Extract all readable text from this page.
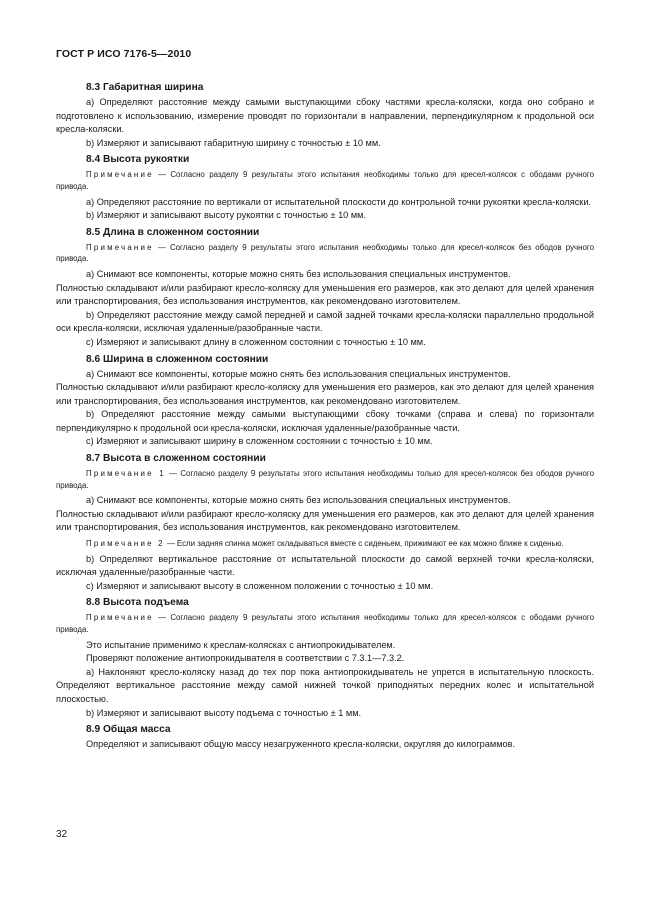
ГОСТ Р ИСО 7176-5—2010
8.3 Габаритная ширина
а) Определяют расстояние между самыми выступающими сбоку частями кресла-коляски, когда оно собрано и подготовлено к использованию, измерение проводят по горизонтали в направлении, перпендикулярном к продольной оси кресла-коляски.
b) Измеряют и записывают габаритную ширину с точностью ± 10 мм.
8.4 Высота рукоятки
Примечание — Согласно разделу 9 результаты этого испытания необходимы только для кресел-колясок с ободами ручного привода.
а) Определяют расстояние по вертикали от испытательной плоскости до контрольной точки рукоятки кресла-коляски.
b) Измеряют и записывают высоту рукоятки с точностью ± 10 мм.
8.5 Длина в сложенном состоянии
Примечание — Согласно разделу 9 результаты этого испытания необходимы только для кресел-колясок без ободов ручного привода.
а) Снимают все компоненты, которые можно снять без использования специальных инструментов.
Полностью складывают и/или разбирают кресло-коляску для уменьшения его размеров, как это делают для целей хранения или транспортирования, без использования инструментов, как рекомендовано изготовителем.
b) Определяют расстояние между самой передней и самой задней точками кресла-коляски параллельно продольной оси кресла-коляски, исключая удаленные/разобранные части.
с) Измеряют и записывают длину в сложенном состоянии с точностью ± 10 мм.
8.6 Ширина в сложенном состоянии
а) Снимают все компоненты, которые можно снять без использования специальных инструментов.
Полностью складывают и/или разбирают кресло-коляску для уменьшения его размеров, как это делают для целей хранения или транспортирования, без использования инструментов, как рекомендовано изготовителем.
b) Определяют расстояние между самыми выступающими сбоку точками (справа и слева) по горизонтали перпендикулярно к продольной оси кресла-коляски, исключая удаленные/разобранные части.
с) Измеряют и записывают ширину в сложенном состоянии с точностью ± 10 мм.
8.7 Высота в сложенном состоянии
Примечание 1 — Согласно разделу 9 результаты этого испытания необходимы только для кресел-колясок без ободов ручного привода.
а) Снимают все компоненты, которые можно снять без использования специальных инструментов.
Полностью складывают и/или разбирают кресло-коляску для уменьшения его размеров, как это делают для целей хранения или транспортирования, без использования инструментов, как рекомендовано изготовителем.
Примечание 2 — Если задняя спинка может складываться вместе с сиденьем, прижимают ее как можно ближе к сиденью.
b) Определяют вертикальное расстояние от испытательной плоскости до самой верхней точки кресла-коляски, исключая удаленные/разобранные части.
с) Измеряют и записывают высоту в сложенном положении с точностью ± 10 мм.
8.8 Высота подъема
Примечание — Согласно разделу 9 результаты этого испытания необходимы только для кресел-колясок с ободами ручного привода.
Это испытание применимо к креслам-колясках с антиопрокидывателем.
Проверяют положение антиопрокидывателя в соответствии с 7.3.1—7.3.2.
а) Наклоняют кресло-коляску назад до тех пор пока антиопрокидыватель не упрется в испытательную плоскость. Определяют вертикальное расстояние между самой нижней точкой приподнятых передних колес и испытательной плоскостью.
b) Измеряют и записывают высоту подъема с точностью ± 1 мм.
8.9 Общая масса
Определяют и записывают общую массу незагруженного кресла-коляски, округляя до килограммов.
32
